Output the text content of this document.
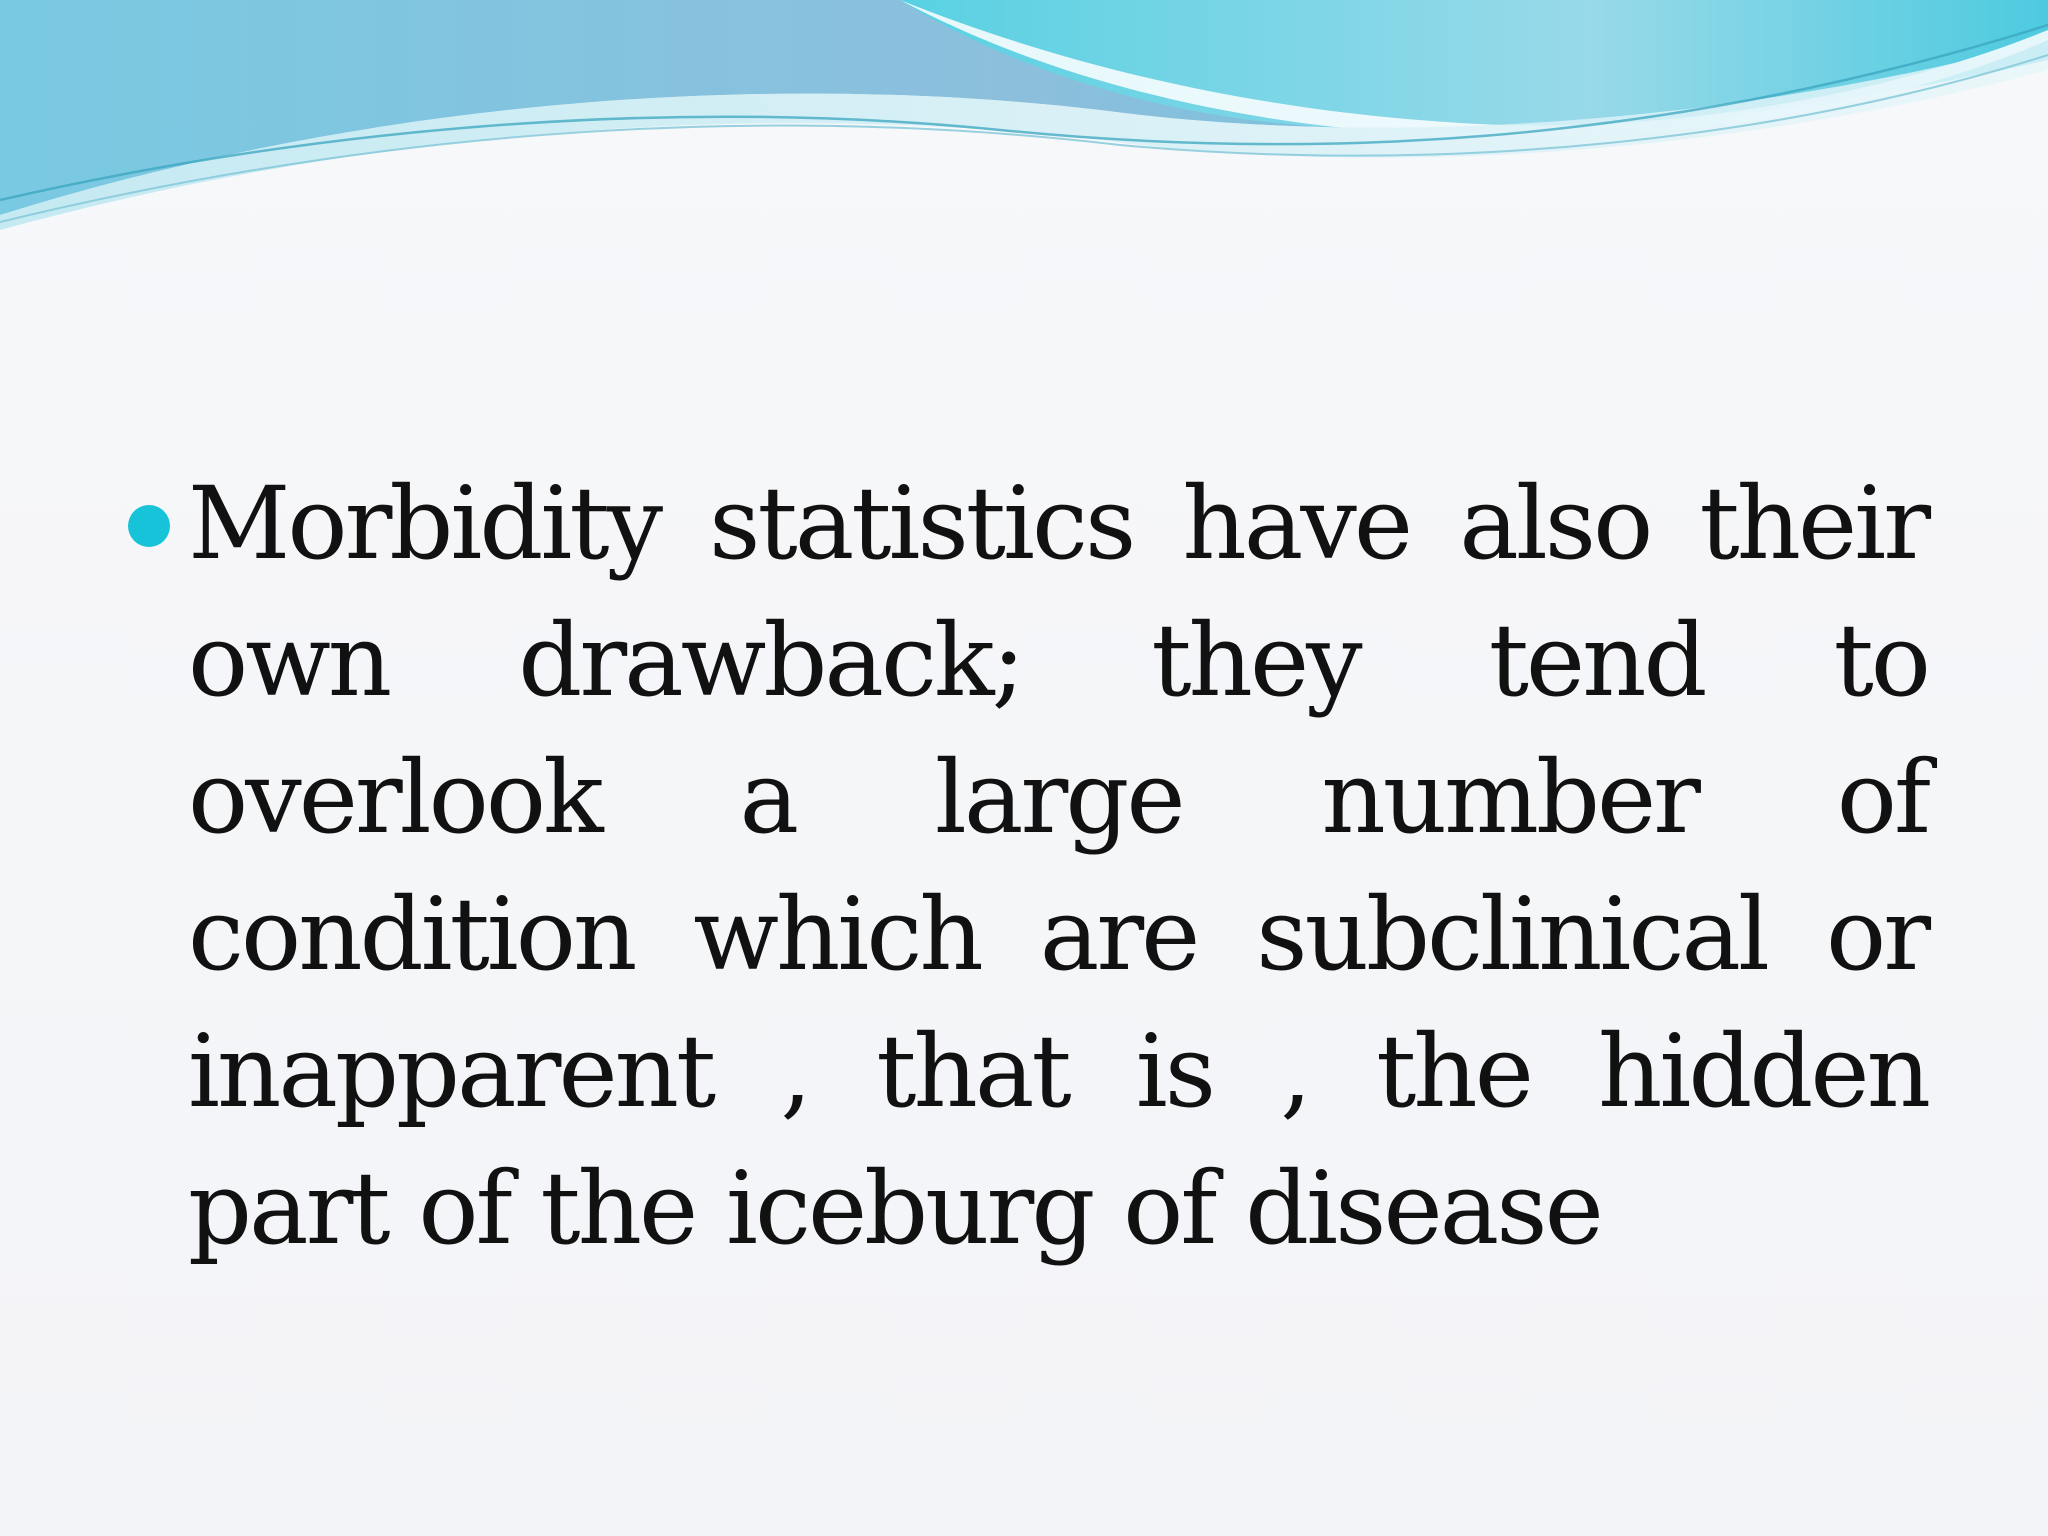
Morbidity statistics have also their own drawback; they tend to overlook a large number of condition which are subclinical or inapparent , that is , the hidden part of the iceburg of disease
